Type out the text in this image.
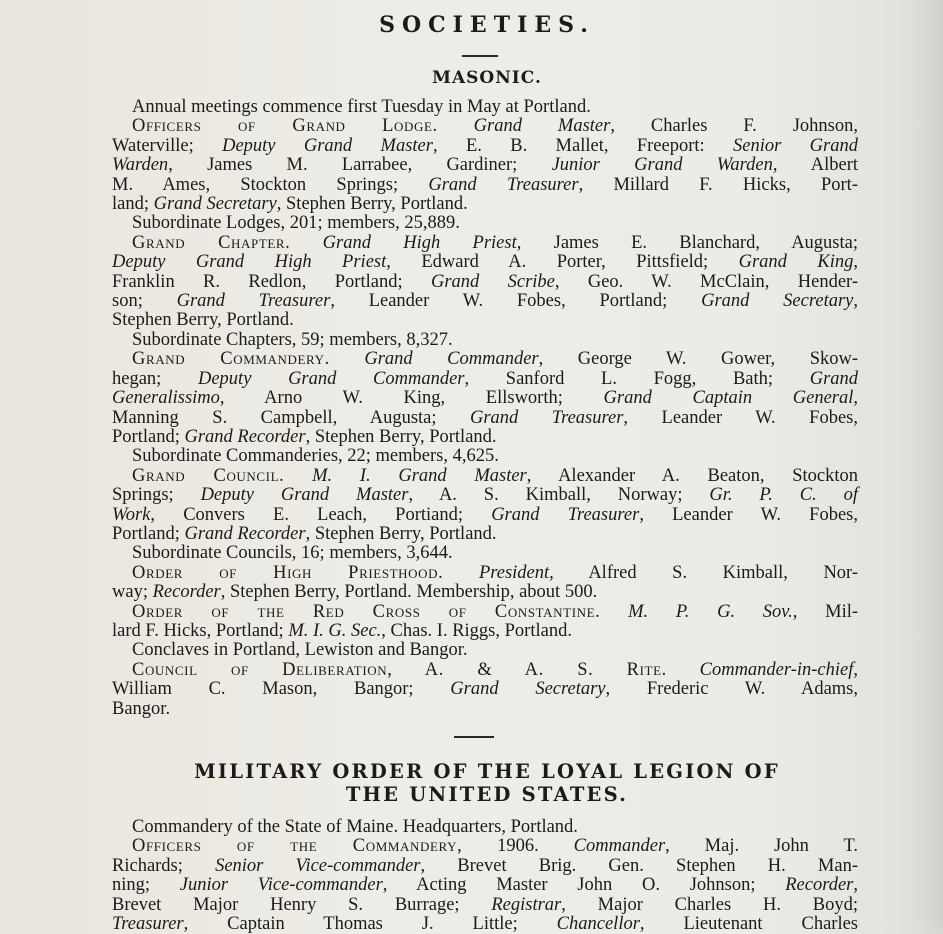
SOCIETIES.
MASONIC.
Annual meetings commence first Tuesday in May at Portland.
Officers of Grand Lodge. Grand Master, Charles F. Johnson,
Waterville; Deputy Grand Master, E. B. Mallet, Freeport: Senior Grand
Warden, James M. Larrabee, Gardiner; Junior Grand Warden, Albert
M. Ames, Stockton Springs; Grand Treasurer, Millard F. Hicks, Port-
land; Grand Secretary, Stephen Berry, Portland.
Subordinate Lodges, 201; members, 25,889.
Grand Chapter. Grand High Priest, James E. Blanchard, Augusta;
Deputy Grand High Priest, Edward A. Porter, Pittsfield; Grand King,
Franklin R. Redlon, Portland; Grand Scribe, Geo. W. McClain, Hender-
son; Grand Treasurer, Leander W. Fobes, Portland; Grand Secretary,
Stephen Berry, Portland.
Subordinate Chapters, 59; members, 8,327.
Grand Commandery. Grand Commander, George W. Gower, Skow-
hegan; Deputy Grand Commander, Sanford L. Fogg, Bath; Grand
Generalissimo, Arno W. King, Ellsworth; Grand Captain General,
Manning S. Campbell, Augusta; Grand Treasurer, Leander W. Fobes,
Portland; Grand Recorder, Stephen Berry, Portland.
Subordinate Commanderies, 22; members, 4,625.
Grand Council. M. I. Grand Master, Alexander A. Beaton, Stockton
Springs; Deputy Grand Master, A. S. Kimball, Norway; Gr. P. C. of
Work, Convers E. Leach, Portiand; Grand Treasurer, Leander W. Fobes,
Portland; Grand Recorder, Stephen Berry, Portland.
Subordinate Councils, 16; members, 3,644.
Order of High Priesthood. President, Alfred S. Kimball, Nor-
way; Recorder, Stephen Berry, Portland. Membership, about 500.
Order of the Red Cross of Constantine. M. P. G. Sov., Mil-
lard F. Hicks, Portland; M. I. G. Sec., Chas. I. Riggs, Portland.
Conclaves in Portland, Lewiston and Bangor.
Council of Deliberation, A. & A. S. Rite. Commander-in-chief,
William C. Mason, Bangor; Grand Secretary, Frederic W. Adams,
Bangor.
MILITARY ORDER OF THE LOYAL LEGION OF
THE UNITED STATES.
Commandery of the State of Maine. Headquarters, Portland.
Officers of the Commandery, 1906. Commander, Maj. John T.
Richards; Senior Vice-commander, Brevet Brig. Gen. Stephen H. Man-
ning; Junior Vice-commander, Acting Master John O. Johnson; Recorder,
Brevet Major Henry S. Burrage; Registrar, Major Charles H. Boyd;
Treasurer, Captain Thomas J. Little; Chancellor, Lieutenant Charles
